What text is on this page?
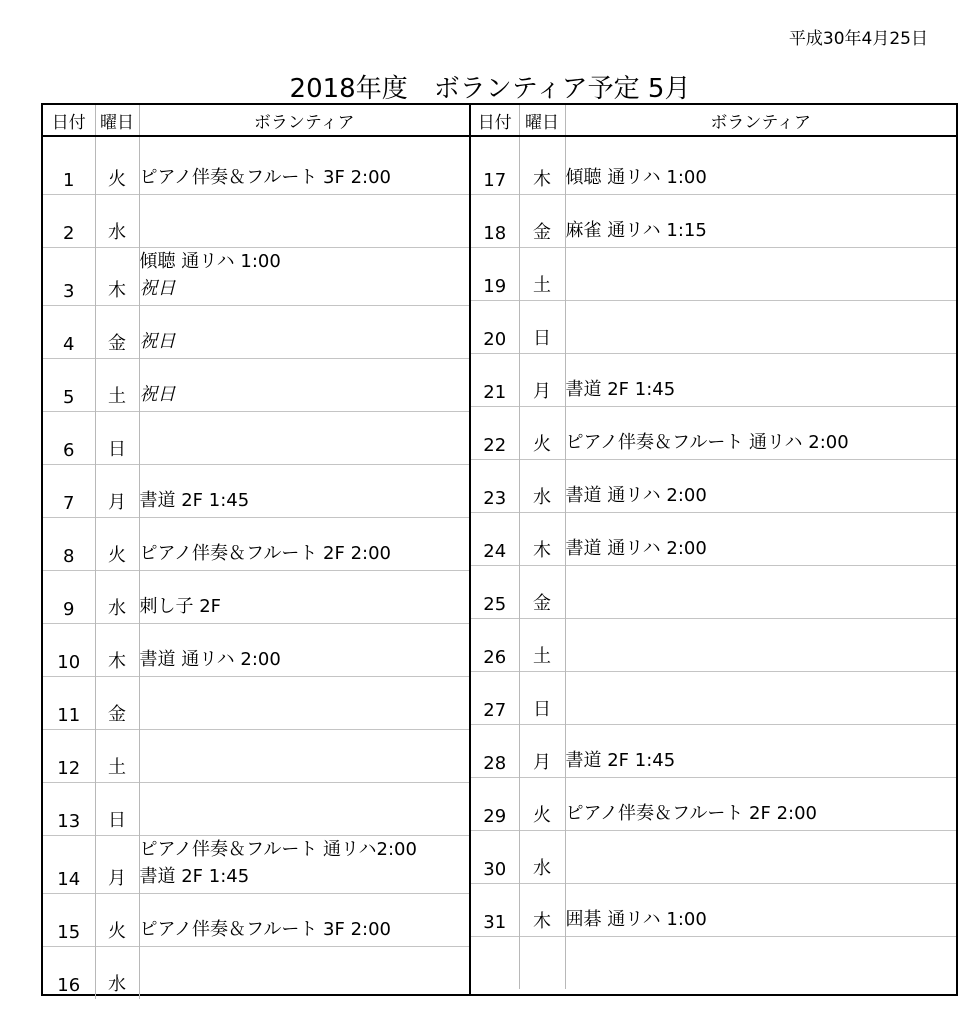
平成30年4月25日
2018年度 ボランティア予定 5月
日付	曜日	ボランティア
1	火	ピアノ伴奏＆フルート 3F 2:00

2	水	
3	木	傾聴 通リハ 1:00
祝日

4	金	祝日

5	土	祝日

6	日	
7	月	書道 2F 1:45

8	火	ピアノ伴奏＆フルート 2F 2:00

9	水	刺し子 2F

10	木	書道 通リハ 2:00

11	金	
12	土	
13	日	
14	月	ピアノ伴奏＆フルート 通リハ2:00
書道 2F 1:45

15	火	ピアノ伴奏＆フルート 3F 2:00

16	水	
日付	曜日	ボランティア
17	木	傾聴 通リハ 1:00

18	金	麻雀 通リハ 1:15

19	土	
20	日	
21	月	書道 2F 1:45

22	火	ピアノ伴奏＆フルート 通リハ 2:00

23	水	書道 通リハ 2:00

24	木	書道 通リハ 2:00

25	金	
26	土	
27	日	
28	月	書道 2F 1:45

29	火	ピアノ伴奏＆フルート 2F 2:00

30	水	
31	木	囲碁 通リハ 1:00
